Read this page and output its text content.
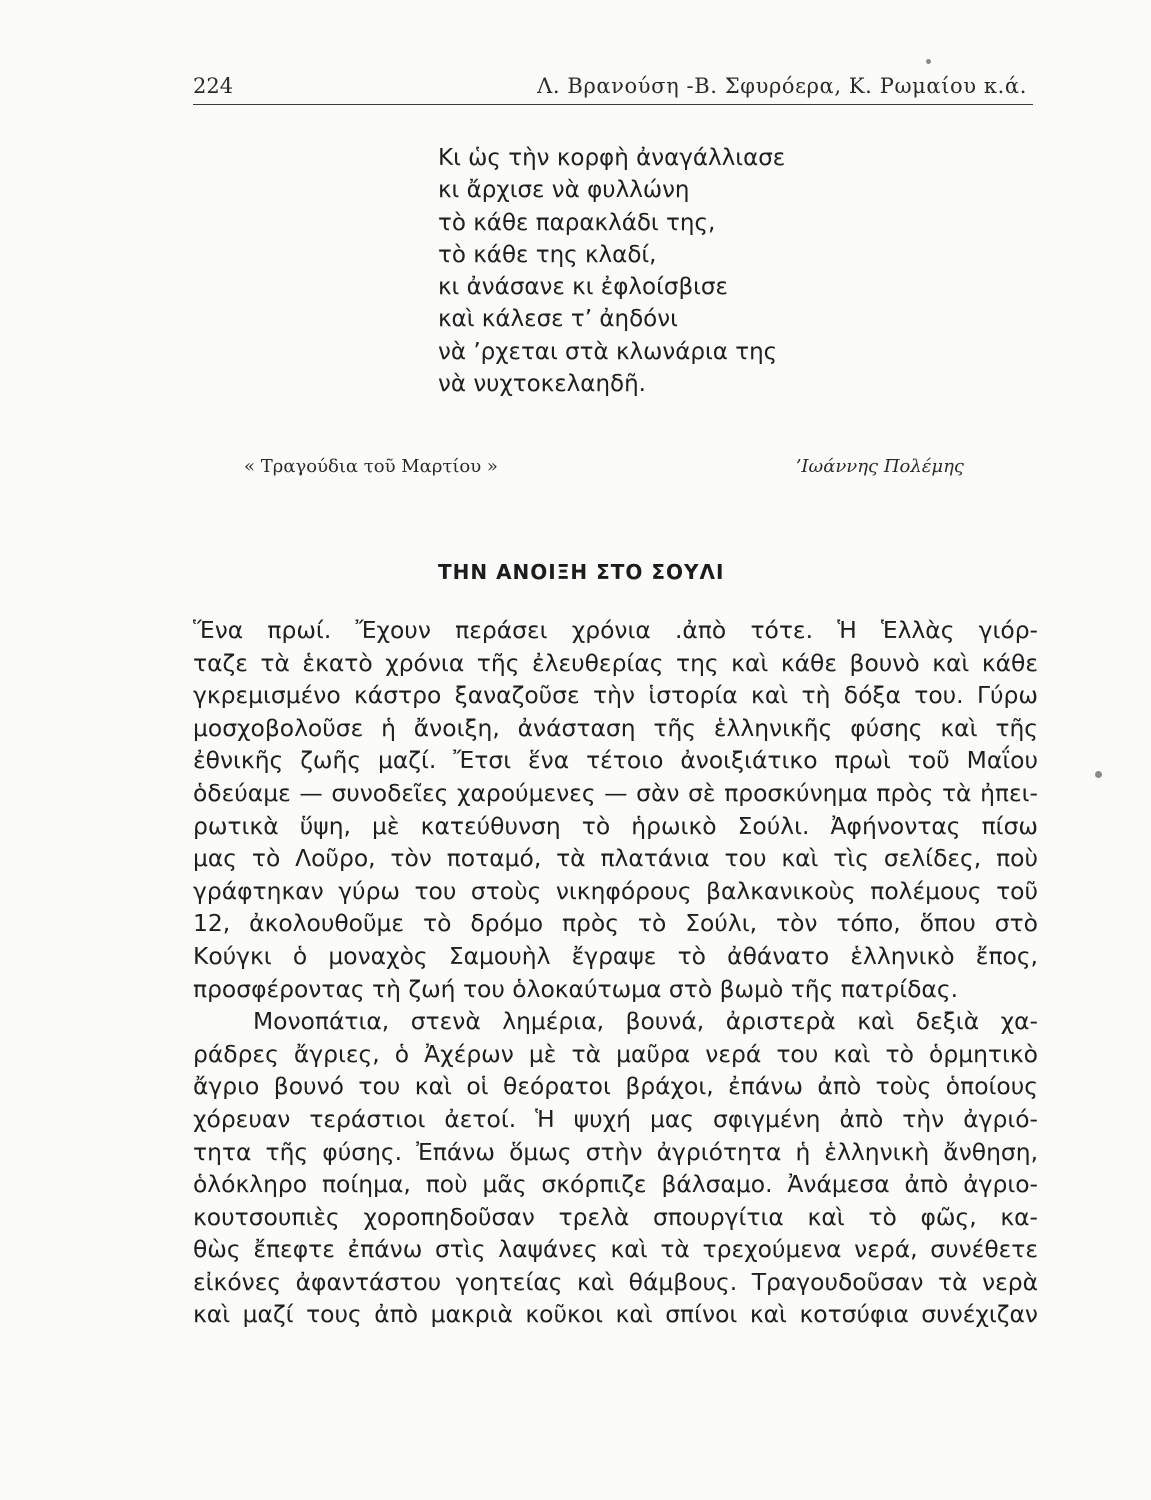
224	Λ. Βρανούση -Β. Σφυρόερα, Κ. Ρωμαίου κ.ά.
Κι ὡς τὴν κορφὴ ἀναγάλλιασε
κι ἄρχισε νὰ φυλλώνη
τὸ κάθε παρακλάδι της,
τὸ κάθε της κλαδί,
κι ἀνάσανε κι ἐφλοίσβισε
καὶ κάλεσε τ’ ἀηδόνι
νὰ ’ρχεται στὰ κλωνάρια της
νὰ νυχτοκελαηδῆ.
« Τραγούδια τοῦ Μαρτίου »	’Ιωάννης Πολέμης
ΤΗΝ ΑΝΟΙΞΗ ΣΤΟ ΣΟΥΛΙ
Ἕνα πρωί. Ἔχουν περάσει χρόνια .ἀπὸ τότε. Ἡ Ἑλλὰς γιόρ-
ταζε τὰ ἑκατὸ χρόνια τῆς ἐλευθερίας της καὶ κάθε βουνὸ καὶ κάθε
γκρεμισμένο κάστρο ξαναζοῦσε τὴν ἱστορία καὶ τὴ δόξα του. Γύρω
μοσχοβολοῦσε ἡ ἄνοιξη, ἀνάσταση τῆς ἑλληνικῆς φύσης καὶ τῆς
ἐθνικῆς ζωῆς μαζί. Ἔτσι ἕνα τέτοιο ἀνοιξιάτικο πρωὶ τοῦ Μαΐου
ὁδεύαμε — συνοδεῖες χαρούμενες — σὰν σὲ προσκύνημα πρὸς τὰ ἠπει-
ρωτικὰ ὕψη, μὲ κατεύθυνση τὸ ἡρωικὸ Σούλι. Ἀφήνοντας πίσω
μας τὸ Λοῦρο, τὸν ποταμό, τὰ πλατάνια του καὶ τὶς σελίδες, ποὺ
γράφτηκαν γύρω του στοὺς νικηφόρους βαλκανικοὺς πολέμους τοῦ
12, ἀκολουθοῦμε τὸ δρόμο πρὸς τὸ Σούλι, τὸν τόπο, ὅπου στὸ
Κούγκι ὁ μοναχὸς Σαμουὴλ ἔγραψε τὸ ἀθάνατο ἑλληνικὸ ἔπος,
προσφέροντας τὴ ζωή του ὁλοκαύτωμα στὸ βωμὸ τῆς πατρίδας.
Μονοπάτια, στενὰ λημέρια, βουνά, ἀριστερὰ καὶ δεξιὰ χα-
ράδρες ἄγριες, ὁ Ἀχέρων μὲ τὰ μαῦρα νερά του καὶ τὸ ὁρμητικὸ
ἄγριο βουνό του καὶ οἱ θεόρατοι βράχοι, ἐπάνω ἀπὸ τοὺς ὁποίους
χόρευαν τεράστιοι ἀετοί. Ἡ ψυχή μας σφιγμένη ἀπὸ τὴν ἀγριό-
τητα τῆς φύσης. Ἐπάνω ὅμως στὴν ἀγριότητα ἡ ἑλληνικὴ ἄνθηση,
ὁλόκληρο ποίημα, ποὺ μᾶς σκόρπιζε βάλσαμο. Ἀνάμεσα ἀπὸ ἀγριο-
κουτσουπιὲς χοροπηδοῦσαν τρελὰ σπουργίτια καὶ τὸ φῶς, κα-
θὼς ἔπεφτε ἐπάνω στὶς λαψάνες καὶ τὰ τρεχούμενα νερά, συνέθετε
εἰκόνες ἀφαντάστου γοητείας καὶ θάμβους. Τραγουδοῦσαν τὰ νερὰ
καὶ μαζί τους ἀπὸ μακριὰ κοῦκοι καὶ σπίνοι καὶ κοτσύφια συνέχιζαν
